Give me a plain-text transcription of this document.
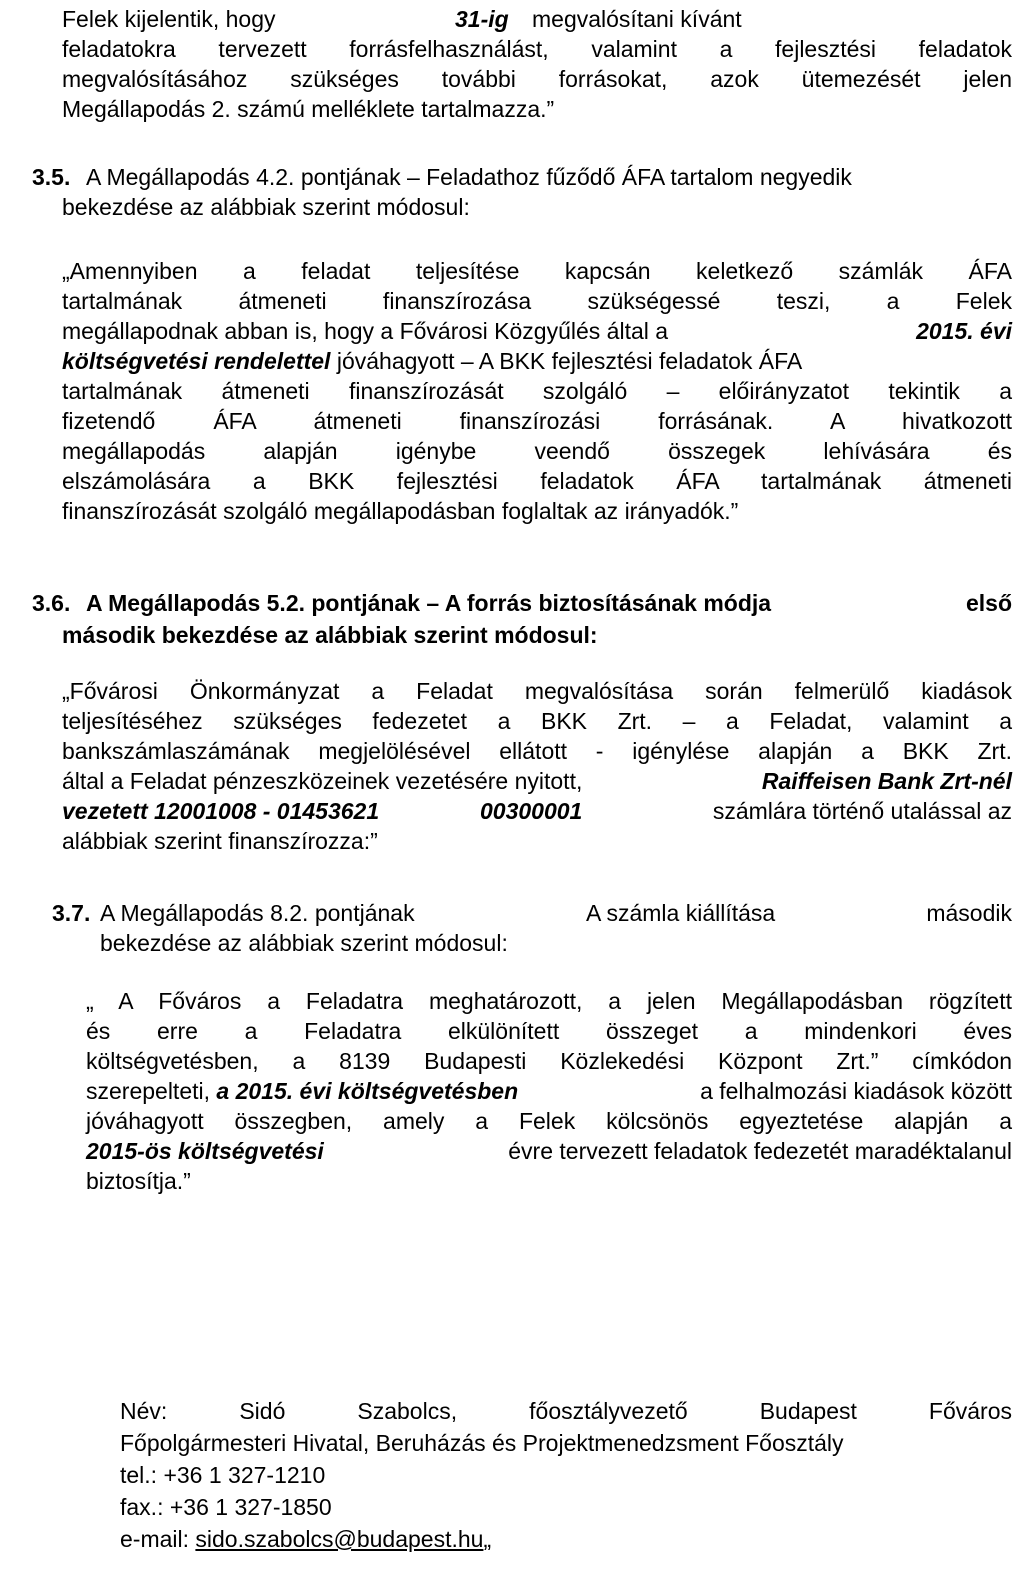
Felek kijelentik, hogy	31-ig megvalósítani kívánt
feladatokra tervezett forrásfelhasználást, valamint a fejlesztési feladatok
megvalósításához szükséges további forrásokat, azok ütemezését jelen
Megállapodás 2. számú melléklete tartalmazza.”
3.5. A Megállapodás 4.2. pontjának – Feladathoz fűződő ÁFA tartalom negyedik
bekezdése az alábbiak szerint módosul:
„Amennyiben a feladat teljesítése kapcsán keletkező számlák ÁFA
tartalmának átmeneti finanszírozása szükségessé teszi, a Felek
megállapodnak abban is, hogy a Fővárosi Közgyűlés által a	2015. évi
költségvetési rendelettel jóváhagyott – A BKK fejlesztési feladatok ÁFA
tartalmának átmeneti finanszírozását szolgáló – előirányzatot tekintik a
fizetendő ÁFA átmeneti finanszírozási forrásának. A hivatkozott
megállapodás alapján igénybe veendő összegek lehívására és
elszámolására a BKK fejlesztési feladatok ÁFA tartalmának átmeneti
finanszírozását szolgáló megállapodásban foglaltak az irányadók.”
3.6. A Megállapodás 5.2. pontjának – A forrás biztosításának módja	első
második bekezdése az alábbiak szerint módosul:
„Fővárosi Önkormányzat a Feladat megvalósítása során felmerülő kiadások
teljesítéséhez szükséges fedezetet a BKK Zrt. – a Feladat, valamint a
bankszámlaszámának megjelölésével ellátott - igénylése alapján a BKK Zrt.
által a Feladat pénzeszközeinek vezetésére nyitott,	Raiffeisen Bank Zrt-nél
vezetett 12001008 - 01453621	00300001	számlára történő utalással az
alábbiak szerint finanszírozza:”
3.7. A Megállapodás 8.2. pontjának	A számla kiállítása	második
bekezdése az alábbiak szerint módosul:
„ A Főváros a Feladatra meghatározott, a jelen Megállapodásban rögzített
és erre a Feladatra elkülönített összeget a mindenkori éves
költségvetésben, a 8139 Budapesti Közlekedési Központ Zrt.” címkódon
szerepelteti, a 2015. évi költségvetésben	a felhalmozási kiadások között
jóváhagyott összegben, amely a Felek kölcsönös egyeztetése alapján a
2015-ös költségvetési	évre tervezett feladatok fedezetét maradéktalanul
biztosítja.”
Név: Sidó Szabolcs, főosztályvezető Budapest Főváros
Főpolgármesteri Hivatal, Beruházás és Projektmenedzsment Főosztály
tel.: +36 1 327-1210
fax.: +36 1 327-1850
e-mail: sido.szabolcs@budapest.hu„
